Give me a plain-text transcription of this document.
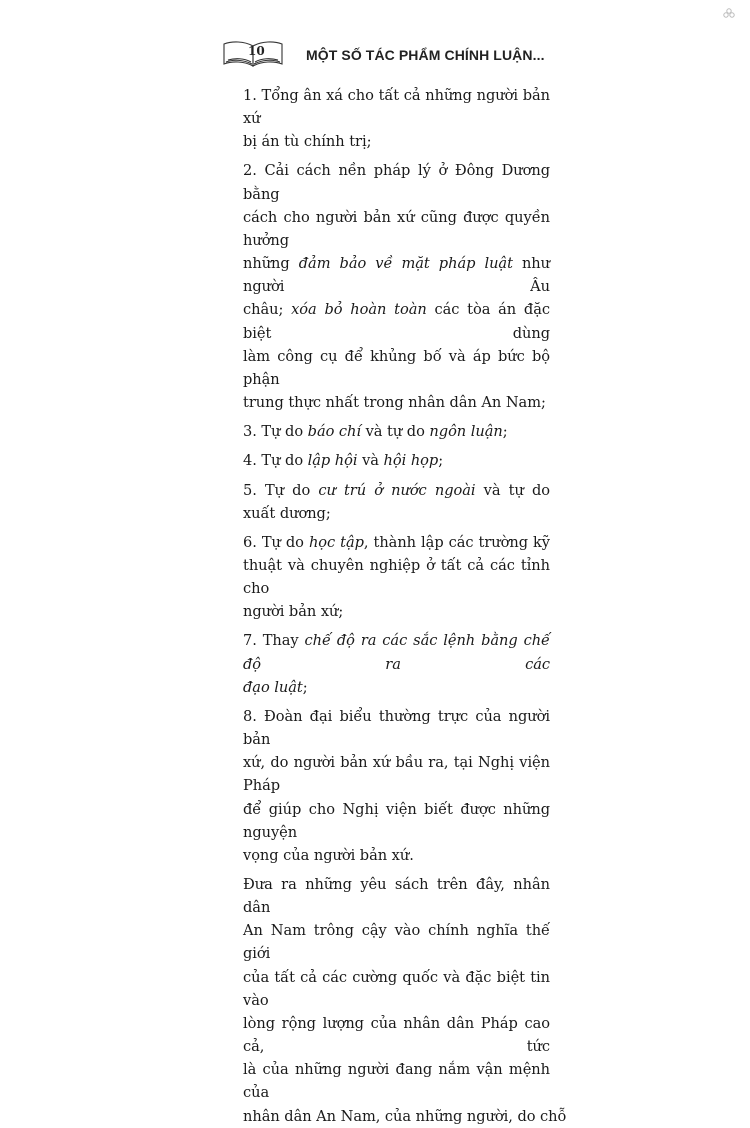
10	MỘT SỐ TÁC PHẨM CHÍNH LUẬN...
1. Tổng ân xá cho tất cả những người bản xứ
bị án tù chính trị;
2. Cải cách nền pháp lý ở Đông Dương bằng
cách cho người bản xứ cũng được quyền hưởng
những đảm bảo về mặt pháp luật như người Âu
châu; xóa bỏ hoàn toàn các tòa án đặc biệt dùng
làm công cụ để khủng bố và áp bức bộ phận
trung thực nhất trong nhân dân An Nam;
3. Tự do báo chí và tự do ngôn luận;
4. Tự do lập hội và hội họp;
5. Tự do cư trú ở nước ngoài và tự do
xuất dương;
6. Tự do học tập, thành lập các trường kỹ
thuật và chuyên nghiệp ở tất cả các tỉnh cho
người bản xứ;
7. Thay chế độ ra các sắc lệnh bằng chế độ ra các
đạo luật;
8. Đoàn đại biểu thường trực của người bản
xứ, do người bản xứ bầu ra, tại Nghị viện Pháp
để giúp cho Nghị viện biết được những nguyện
vọng của người bản xứ.
Đưa ra những yêu sách trên đây, nhân dân
An Nam trông cậy vào chính nghĩa thế giới
của tất cả các cường quốc và đặc biệt tin vào
lòng rộng lượng của nhân dân Pháp cao cả, tức
là của những người đang nắm vận mệnh của
nhân dân An Nam, của những người, do chỗ
